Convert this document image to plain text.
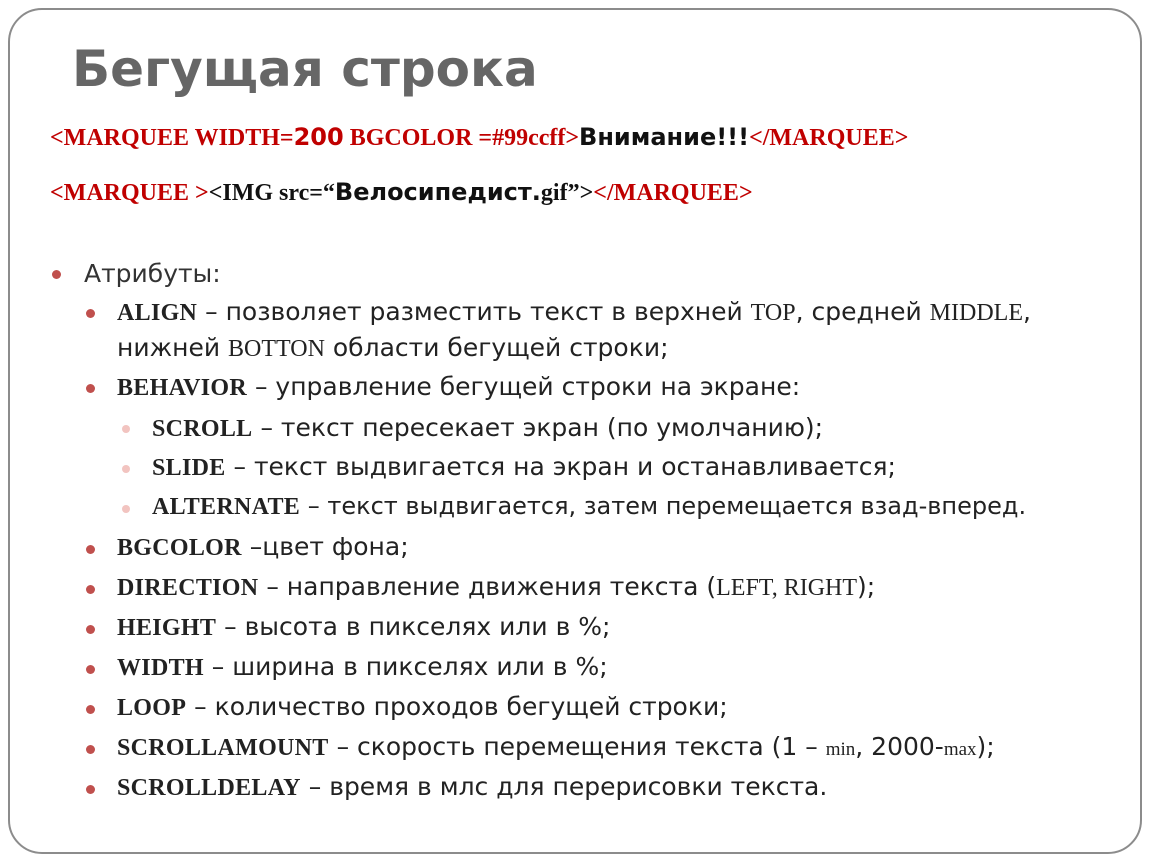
Бегущая строка
<MARQUEE WIDTH=200 BGCOLOR =#99ccff>Внимание!!!</MARQUEE>
<MARQUEE ><IMG src=“Велосипедист.gif”></MARQUEE>
Атрибуты:
ALIGN – позволяет разместить текст в верхней TOP, средней MIDDLE,
нижней BOTTON области бегущей строки;
BEHAVIOR – управление бегущей строки на экране:
SCROLL – текст пересекает экран (по умолчанию);
SLIDE – текст выдвигается на экран и останавливается;
ALTERNATE – текст выдвигается, затем перемещается взад-вперед.
BGCOLOR –цвет фона;
DIRECTION – направление движения текста (LEFT, RIGHT);
HEIGHT – высота в пикселях или в %;
WIDTH – ширина в пикселях или в %;
LOOP – количество проходов бегущей строки;
SCROLLAMOUNT – скорость перемещения текста (1 – min, 2000-max);
SCROLLDELAY – время в млс для перерисовки текста.
